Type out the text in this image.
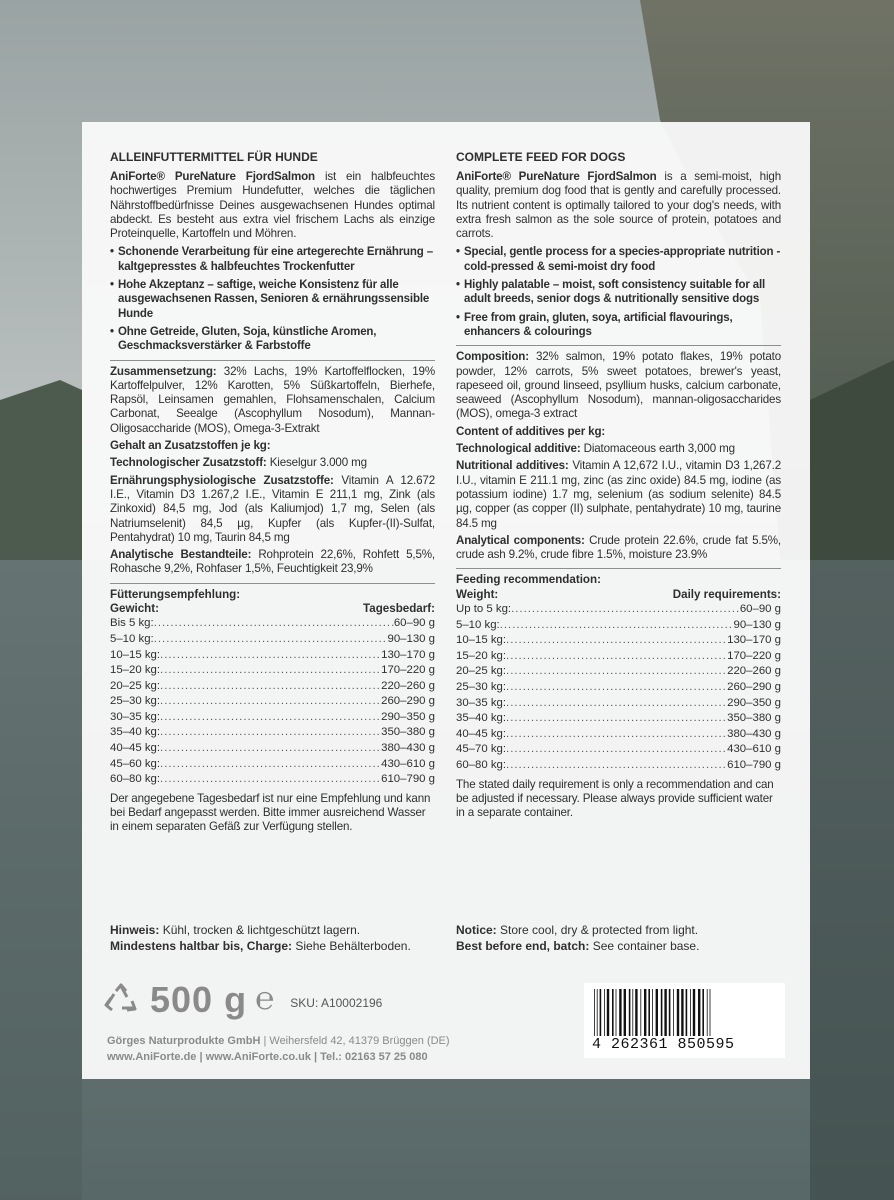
ALLEINFUTTERMITTEL FÜR HUNDE

AniForte® PureNature FjordSalmon ist ein halbfeuchtes hochwertiges Premium Hundefutter, welches die täglichen Nährstoffbedürfnisse Deines ausgewachsenen Hundes optimal abdeckt. Es besteht aus extra viel frischem Lachs als einzige Proteinquelle, Kartoffeln und Möhren.

• Schonende Verarbeitung für eine artegerechte Ernährung – kaltgepresstes & halbfeuchtes Trockenfutter
• Hohe Akzeptanz – saftige, weiche Konsistenz für alle ausgewachsenen Rassen, Senioren & ernährungssensible Hunde
• Ohne Getreide, Gluten, Soja, künstliche Aromen, Geschmacksverstärker & Farbstoffe

Zusammensetzung: 32% Lachs, 19% Kartoffelflocken, 19% Kartoffelpulver, 12% Karotten, 5% Süßkartoffeln, Bierhefe, Rapsöl, Leinsamen gemahlen, Flohsamenschalen, Calcium Carbonat, Seealge (Ascophyllum Nosodum), Mannan-Oligosaccharide (MOS), Omega-3-Extrakt

Gehalt an Zusatzstoffen je kg:

Technologischer Zusatzstoff: Kieselgur 3.000 mg

Ernährungsphysiologische Zusatzstoffe: Vitamin A 12.672 I.E., Vitamin D3 1.267,2 I.E., Vitamin E 211,1 mg, Zink (als Zinkoxid) 84,5 mg, Jod (als Kaliumjod) 1,7 mg, Selen (als Natriumselenit) 84,5 µg, Kupfer (als Kupfer-(II)-Sulfat, Pentahydrat) 10 mg, Taurin 84,5 mg

Analytische Bestandteile: Rohprotein 22,6%, Rohfett 5,5%, Rohasche 9,2%, Rohfaser 1,5%, Feuchtigkeit 23,9%

Fütterungsempfehlung:
Gewicht:	Tagesbedarf:
Bis 5 kg: .....	60–90 g
5–10 kg: .....	90–130 g
10–15 kg: .....	130–170 g
15–20 kg: .....	170–220 g
20–25 kg: .....	220–260 g
25–30 kg: .....	260–290 g
30–35 kg: .....	290–350 g
35–40 kg: .....	350–380 g
40–45 kg: .....	380–430 g
45–60 kg: .....	430–610 g
60–80 kg: .....	610–790 g

Der angegebene Tagesbedarf ist nur eine Empfehlung und kann bei Bedarf angepasst werden. Bitte immer ausreichend Wasser in einem separaten Gefäß zur Verfügung stellen.

COMPLETE FEED FOR DOGS

AniForte® PureNature FjordSalmon is a semi-moist, high quality, premium dog food that is gently and carefully processed. Its nutrient content is optimally tailored to your dog's needs, with extra fresh salmon as the sole source of protein, potatoes and carrots.

• Special, gentle process for a species-appropriate nutrition - cold-pressed & semi-moist dry food
• Highly palatable – moist, soft consistency suitable for all adult breeds, senior dogs & nutritionally sensitive dogs
• Free from grain, gluten, soya, artificial flavourings, enhancers & colourings

Composition: 32% salmon, 19% potato flakes, 19% potato powder, 12% carrots, 5% sweet potatoes, brewer's yeast, rapeseed oil, ground linseed, psyllium husks, calcium carbonate, seaweed (Ascophyllum Nosodum), mannan-oligosaccharides (MOS), omega-3 extract

Content of additives per kg:

Technological additive: Diatomaceous earth 3,000 mg

Nutritional additives: Vitamin A 12,672 I.U., vitamin D3 1,267.2 I.U., vitamin E 211.1 mg, zinc (as zinc oxide) 84.5 mg, iodine (as potassium iodine) 1.7 mg, selenium (as sodium selenite) 84.5 µg, copper (as copper (II) sulphate, pentahydrate) 10 mg, taurine 84.5 mg

Analytical components: Crude protein 22.6%, crude fat 5.5%, crude ash 9.2%, crude fibre 1.5%, moisture 23.9%

Feeding recommendation:
Weight:	Daily requirements:
Up to 5 kg: .....	60–90 g
5–10 kg: .....	90–130 g
10–15 kg: .....	130–170 g
15–20 kg: .....	170–220 g
20–25 kg: .....	220–260 g
25–30 kg: .....	260–290 g
30–35 kg: .....	290–350 g
35–40 kg: .....	350–380 g
40–45 kg: .....	380–430 g
45–70 kg: .....	430–610 g
60–80 kg: .....	610–790 g

The stated daily requirement is only a recommendation and can be adjusted if necessary. Please always provide sufficient water in a separate container.

Hinweis: Kühl, trocken & lichtgeschützt lagern.
Mindestens haltbar bis, Charge: Siehe Behälterboden.
Notice: Store cool, dry & protected from light.
Best before end, batch: See container base.
500 g ℮ SKU: A10002196
Görges Naturprodukte GmbH | Weihersfeld 42, 41379 Brüggen (DE)
www.AniForte.de | www.AniForte.co.uk | Tel.: 02163 57 25 080
4 262361 850595
